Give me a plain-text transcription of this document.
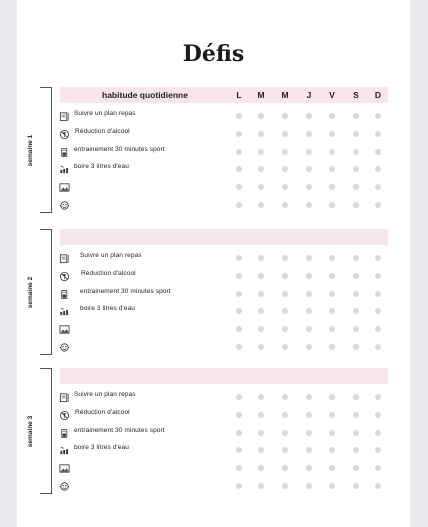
Défis
semaine 1
habitude quotidienne	L	M	M	J	V	S	D
Suivre un plan repas
Réduction d'alcool
entrainement 30 minutes sport
boire 3 litres d'eau
semaine 2
Suivre un plan repas
Réduction d'alcool
entrainement 30 minutes sport
boire 3 litres d'eau
semaine 3
Suivre un plan repas
Réduction d'alcool
entrainement 30 minutes sport
boire 3 litres d'eau
